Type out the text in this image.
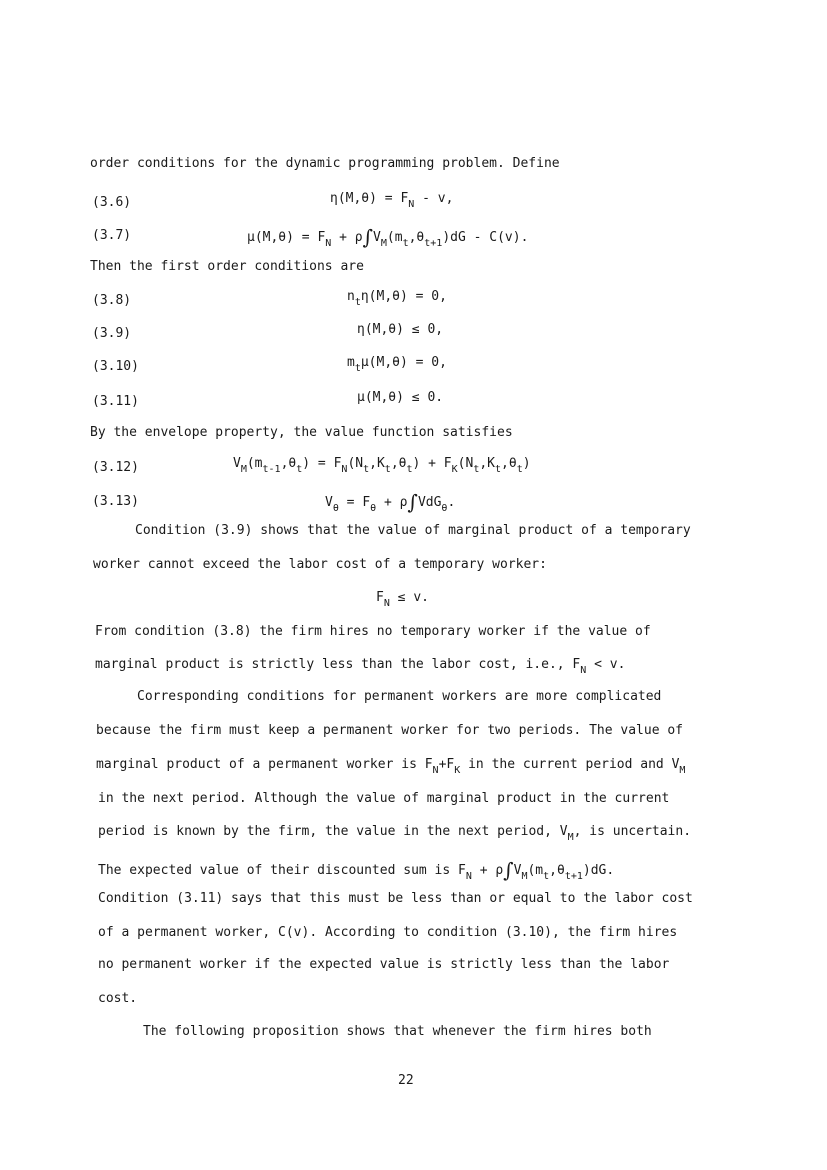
order conditions for the dynamic programming problem. Define
(3.6)	$\eta(M,\theta) = F_N - v$,
(3.7)	$\mu(M,\theta) = F_N + \rho\int V_M(m_t,\theta_{t+1})dG - C(v)$.
Then the first order conditions are
(3.8)	$n_t\eta(M,\theta) = 0$,
(3.9)	η(M,θ) ≤ 0,
(3.10)	$m_t\mu(M,\theta) = 0$,
(3.11)	μ(M,θ) ≤ 0.
By the envelope property, the value function satisfies
(3.12)	$V_M(m_{t-1},\theta_t) = F_N(N_t,K_t,\theta_t) + F_K(N_t,K_t,\theta_t)$
(3.13)	$V_\theta = F_\theta + \rho\int VdG_\theta$.
Condition (3.9) shows that the value of marginal product of a temporary
worker cannot exceed the labor cost of a temporary worker:
$F_N \le v$.
From condition (3.8) the firm hires no temporary worker if the value of
marginal product is strictly less than the labor cost, i.e., $F_N < v$.
Corresponding conditions for permanent workers are more complicated
because the firm must keep a permanent worker for two periods. The value of
marginal product of a permanent worker is $F_N+F_K$ in the current period and $V_M$
in the next period. Although the value of marginal product in the current
period is known by the firm, the value in the next period, $V_M$, is uncertain.
The expected value of their discounted sum is $F_N + \rho\int V_M(m_t,\theta_{t+1})dG$.
Condition (3.11) says that this must be less than or equal to the labor cost
of a permanent worker, C(v). According to condition (3.10), the firm hires
no permanent worker if the expected value is strictly less than the labor
cost.
The following proposition shows that whenever the firm hires both
22
